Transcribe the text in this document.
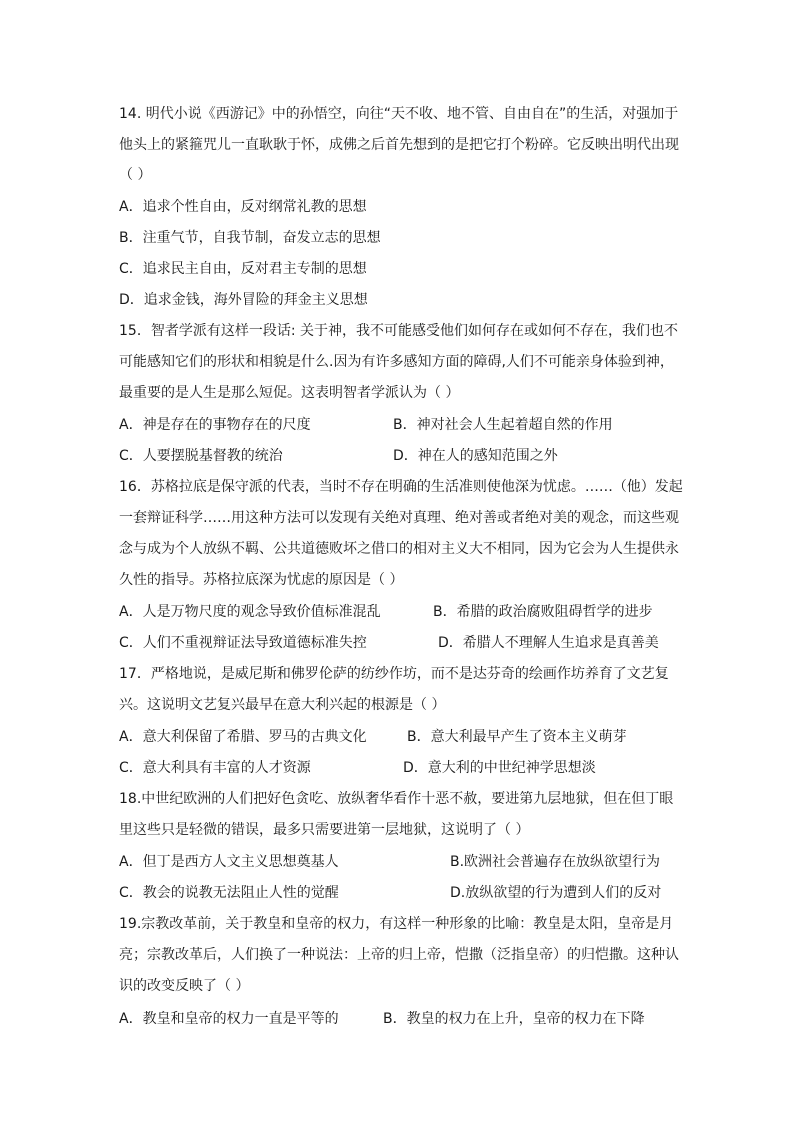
14. 明代小说《西游记》中的孙悟空，向往“天不收、地不管、自由自在”的生活，对强加于
他头上的紧箍咒儿一直耿耿于怀，成佛之后首先想到的是把它打个粉碎。它反映出明代出现
（ ）
A．追求个性自由，反对纲常礼教的思想
B．注重气节，自我节制，奋发立志的思想
C．追求民主自由，反对君主专制的思想
D．追求金钱，海外冒险的拜金主义思想
15．智者学派有这样一段话: 关于神，我不可能感受他们如何存在或如何不存在，我们也不
可能感知它们的形状和相貌是什么.因为有许多感知方面的障碍,人们不可能亲身体验到神，
最重要的是人生是那么短促。这表明智者学派认为（ ）
A．神是存在的事物存在的尺度	B．神对社会人生起着超自然的作用
C．人要摆脱基督教的统治	D．神在人的感知范围之外
16．苏格拉底是保守派的代表，当时不存在明确的生活准则使他深为忧虑。……（他）发起
一套辩证科学……用这种方法可以发现有关绝对真理、绝对善或者绝对美的观念，而这些观
念与成为个人放纵不羁、公共道德败坏之借口的相对主义大不相同，因为它会为人生提供永
久性的指导。苏格拉底深为忧虑的原因是（ ）
A．人是万物尺度的观念导致价值标准混乱	B．希腊的政治腐败阻碍哲学的进步
C．人们不重视辩证法导致道德标准失控	D．希腊人不理解人生追求是真善美
17．严格地说，是威尼斯和佛罗伦萨的纺纱作坊，而不是达芬奇的绘画作坊养育了文艺复
兴。这说明文艺复兴最早在意大利兴起的根源是（ ）
A．意大利保留了希腊、罗马的古典文化	B．意大利最早产生了资本主义萌芽
C．意大利具有丰富的人才资源	D．意大利的中世纪神学思想淡
18.中世纪欧洲的人们把好色贪吃、放纵奢华看作十恶不赦，要进第九层地狱，但在但丁眼
里这些只是轻微的错误，最多只需要进第一层地狱，这说明了（ ）
A．但丁是西方人文主义思想奠基人	B.欧洲社会普遍存在放纵欲望行为
C．教会的说教无法阻止人性的觉醒	D.放纵欲望的行为遭到人们的反对
19.宗教改革前，关于教皇和皇帝的权力，有这样一种形象的比喻：教皇是太阳，皇帝是月
亮；宗教改革后，人们换了一种说法：上帝的归上帝，恺撒（泛指皇帝）的归恺撒。这种认
识的改变反映了（ ）
A．教皇和皇帝的权力一直是平等的	B．教皇的权力在上升，皇帝的权力在下降
